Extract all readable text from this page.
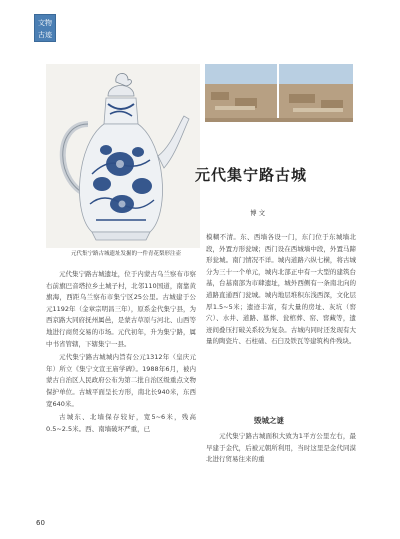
文物
古迹
元代集宁路古城遗址发掘的一件青花梨形注壶
元代集宁路古城
博 文

元代集宁路古城遗址，位于内蒙古乌兰察布市察右前旗巴音塔拉乡土城子村，北邻110国道，南靠黄旗海，西距乌兰察布市集宁区25公里。古城建于公元1192年（金章宗明昌三年），原系金代集宁县，为西京路大同府抚州属邑，是蒙古草原与河北、山西等地进行商贸交易的市场。元代初年，升为集宁路，属中书省管辖，下辖集宁一县。

元代集宁路古城城内旨有公元1312年（皇庆元年）所立《集宁文宣王庙学碑》。1988年6月，被内蒙古自治区人民政府公布为第二批自治区级重点文物保护单位。古城平面呈长方形，南北长940米，东西宽640米。

古城东、北墙保存较好，宽5~6米，残高0.5~2.5米。西、南墙破坏严重，已

模糊不清。东、西墙各设一门，东门位于东城墙北段，外置方形瓮城；西门设在西城墙中段，外置马蹄形瓮城。南门情况不详。城内道路六纵七横，将古城分为三十一个单元，城内北部正中有一大型的建筑台基，台基南部为市肆遗址，城外西侧有一条南北向的道路直通西门瓮城。城内地层堆积东浅西深，文化层厚1.5~5米；遗迹丰富，有大量的房址、灰坑（窖穴）、水井、道路、墓葬、瓮棺葬、窑、窖藏等，遗迹间叠压打破关系较为复杂。古城内同时还发现有大量的陶瓷片、石柱础、石臼及铁瓦等建筑构件残块。

毁城之谜

元代集宁路古城面积大致为1平方公里左右，最早建于金代，后被元朝所利用，当时这里是金代同漠北进行贸易往来的重

60
